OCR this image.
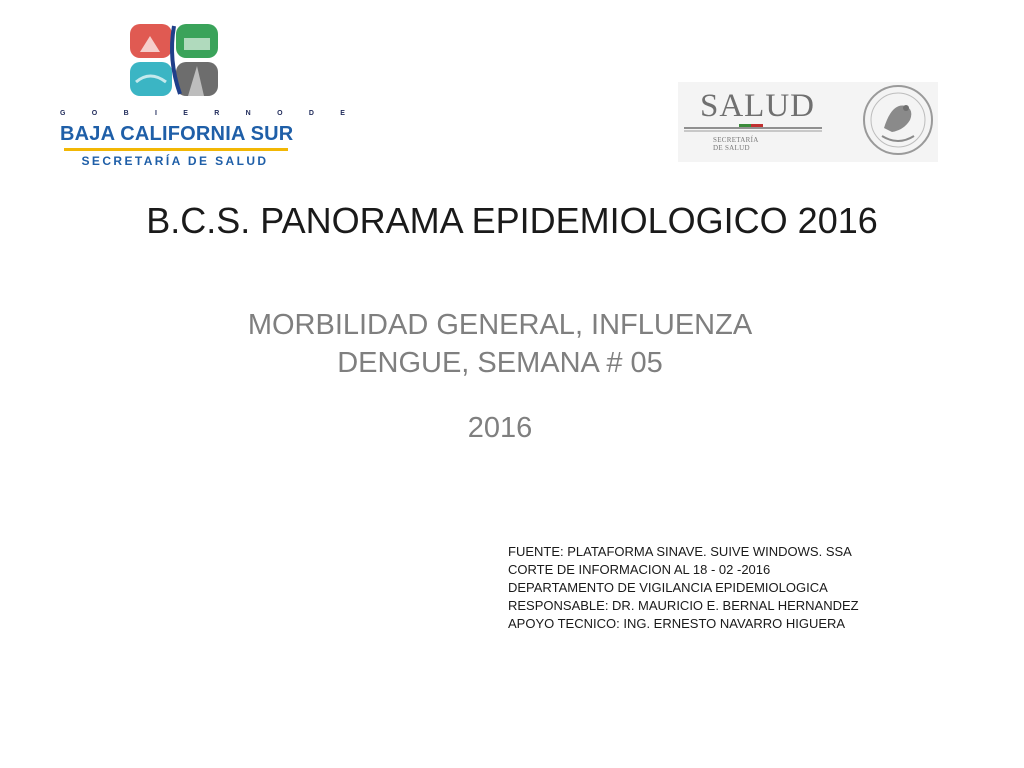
G O B I E R N O D E
BAJA CALIFORNIA SUR
SECRETARÍA DE SALUD
SALUD
SECRETARÍA DE SALUD
B.C.S. PANORAMA EPIDEMIOLOGICO 2016
MORBILIDAD GENERAL, INFLUENZA
DENGUE, SEMANA # 05
2016
FUENTE: PLATAFORMA SINAVE. SUIVE WINDOWS. SSA
CORTE DE INFORMACION AL 18 - 02 -2016
DEPARTAMENTO DE VIGILANCIA EPIDEMIOLOGICA
RESPONSABLE: DR. MAURICIO E. BERNAL HERNANDEZ
APOYO TECNICO: ING. ERNESTO NAVARRO HIGUERA
